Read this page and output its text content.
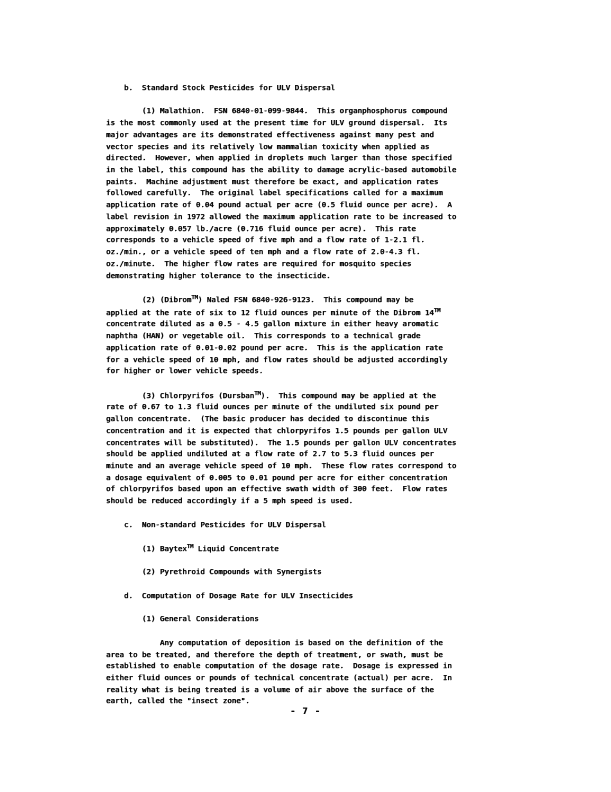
b.  Standard Stock Pesticides for ULV Dispersal
(1) Malathion.  FSN 6840-01-099-9844.  This organphosphorus compound
is the most commonly used at the present time for ULV ground dispersal.  Its
major advantages are its demonstrated effectiveness against many pest and
vector species and its relatively low mammalian toxicity when applied as
directed.  However, when applied in droplets much larger than those specified
in the label, this compound has the ability to damage acrylic-based automobile
paints.  Machine adjustment must therefore be exact, and application rates
followed carefully.  The original label specifications called for a maximum
application rate of 0.04 pound actual per acre (0.5 fluid ounce per acre).  A
label revision in 1972 allowed the maximum application rate to be increased to
approximately 0.057 lb./acre (0.716 fluid ounce per acre).  This rate
corresponds to a vehicle speed of five mph and a flow rate of 1-2.1 fl.
oz./min., or a vehicle speed of ten mph and a flow rate of 2.0-4.3 fl.
oz./minute.  The higher flow rates are required for mosquito species
demonstrating higher tolerance to the insecticide.
(2) (Dibrom™) Naled FSN 6840-926-9123.  This compound may be
applied at the rate of six to 12 fluid ounces per minute of the Dibrom 14™
concentrate diluted as a 0.5 - 4.5 gallon mixture in either heavy aromatic
naphtha (HAN) or vegetable oil.  This corresponds to a technical grade
application rate of 0.01-0.02 pound per acre.  This is the application rate
for a vehicle speed of 10 mph, and flow rates should be adjusted accordingly
for higher or lower vehicle speeds.
(3) Chlorpyrifos (Dursban™).  This compound may be applied at the
rate of 0.67 to 1.3 fluid ounces per minute of the undiluted six pound per
gallon concentrate.  (The basic producer has decided to discontinue this
concentration and it is expected that chlorpyrifos 1.5 pounds per gallon ULV
concentrates will be substituted).  The 1.5 pounds per gallon ULV concentrates
should be applied undiluted at a flow rate of 2.7 to 5.3 fluid ounces per
minute and an average vehicle speed of 10 mph.  These flow rates correspond to
a dosage equivalent of 0.005 to 0.01 pound per acre for either concentration
of chlorpyrifos based upon an effective swath width of 300 feet.  Flow rates
should be reduced accordingly if a 5 mph speed is used.
c.  Non-standard Pesticides for ULV Dispersal
(1) Baytex™ Liquid Concentrate
(2) Pyrethroid Compounds with Synergists
d.  Computation of Dosage Rate for ULV Insecticides
(1) General Considerations
Any computation of deposition is based on the definition of the
area to be treated, and therefore the depth of treatment, or swath, must be
established to enable computation of the dosage rate.  Dosage is expressed in
either fluid ounces or pounds of technical concentrate (actual) per acre.  In
reality what is being treated is a volume of air above the surface of the
earth, called the "insect zone".
- 7 -
